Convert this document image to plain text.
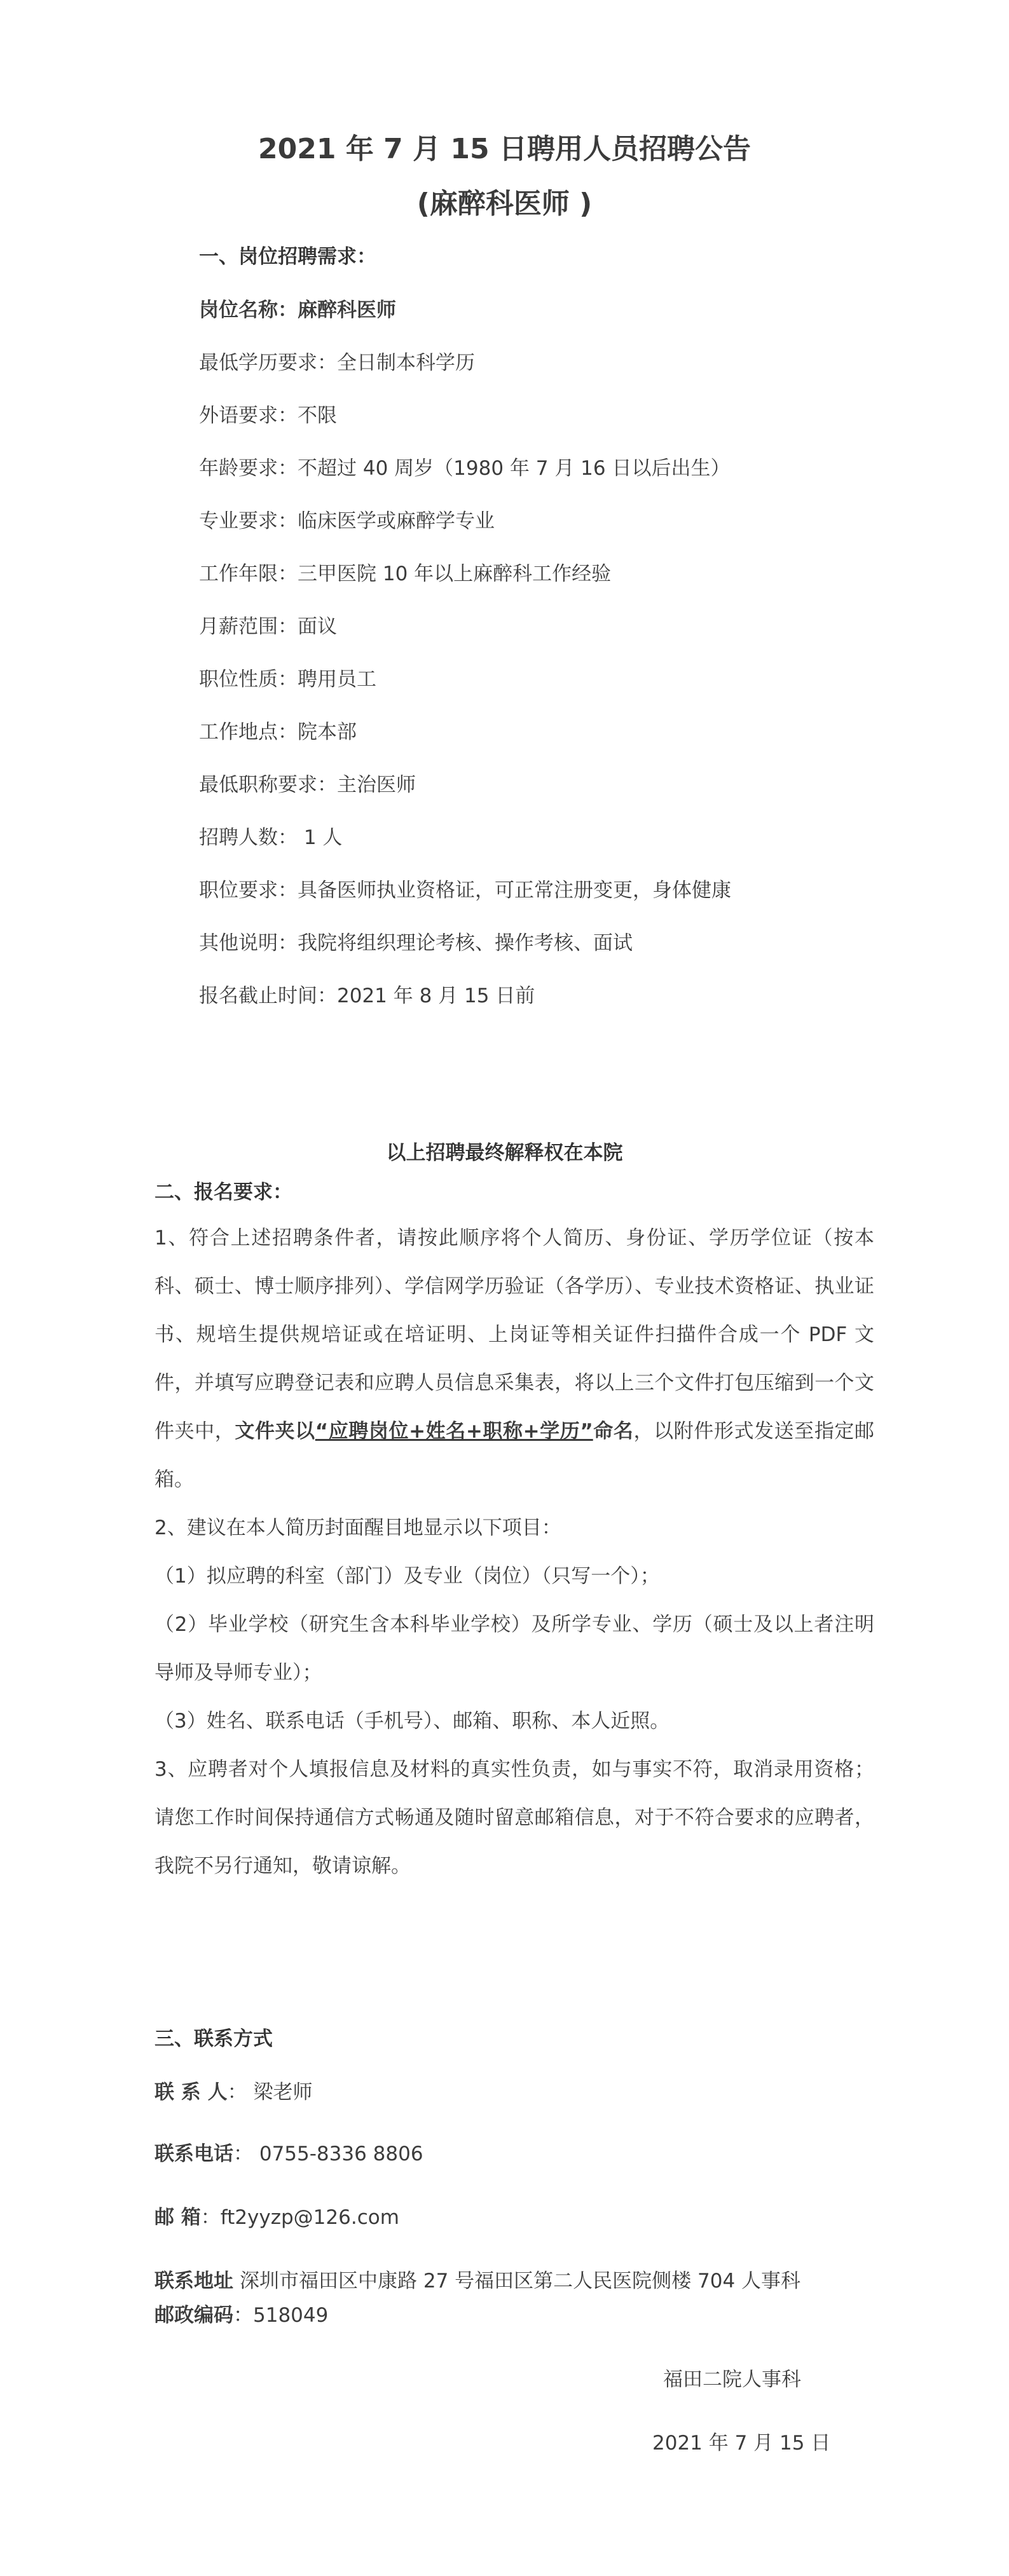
2021 年 7 月 15 日聘用人员招聘公告
(麻醉科医师 )
一、岗位招聘需求：
岗位名称：麻醉科医师
最低学历要求：全日制本科学历
外语要求：不限
年龄要求：不超过 40 周岁（1980 年 7 月 16 日以后出生）
专业要求：临床医学或麻醉学专业
工作年限：三甲医院 10 年以上麻醉科工作经验
月薪范围：面议
职位性质：聘用员工
工作地点：院本部
最低职称要求：主治医师
招聘人数： 1 人
职位要求：具备医师执业资格证，可正常注册变更，身体健康
其他说明：我院将组织理论考核、操作考核、面试
报名截止时间：2021 年 8 月 15 日前
以上招聘最终解释权在本院
二、报名要求：
1、符合上述招聘条件者，请按此顺序将个人简历、身份证、学历学位证（按本科、硕士、博士顺序排列）、学信网学历验证（各学历）、专业技术资格证、执业证书、规培生提供规培证或在培证明、上岗证等相关证件扫描件合成一个 PDF 文件，并填写应聘登记表和应聘人员信息采集表，将以上三个文件打包压缩到一个文件夹中，文件夹以“应聘岗位+姓名+职称+学历”命名，以附件形式发送至指定邮箱。
2、建议在本人简历封面醒目地显示以下项目：
（1）拟应聘的科室（部门）及专业（岗位）（只写一个）；
（2）毕业学校（研究生含本科毕业学校）及所学专业、学历（硕士及以上者注明导师及导师专业）；
（3）姓名、联系电话（手机号）、邮箱、职称、本人近照。
3、应聘者对个人填报信息及材料的真实性负责，如与事实不符，取消录用资格；请您工作时间保持通信方式畅通及随时留意邮箱信息，对于不符合要求的应聘者，我院不另行通知，敬请谅解。
三、联系方式
联 系 人： 梁老师
联系电话： 0755-8336 8806
邮 箱：ft2yyzp@126.com
联系地址 深圳市福田区中康路 27 号福田区第二人民医院侧楼 704 人事科
邮政编码：518049
福田二院人事科
2021 年 7 月 15 日
